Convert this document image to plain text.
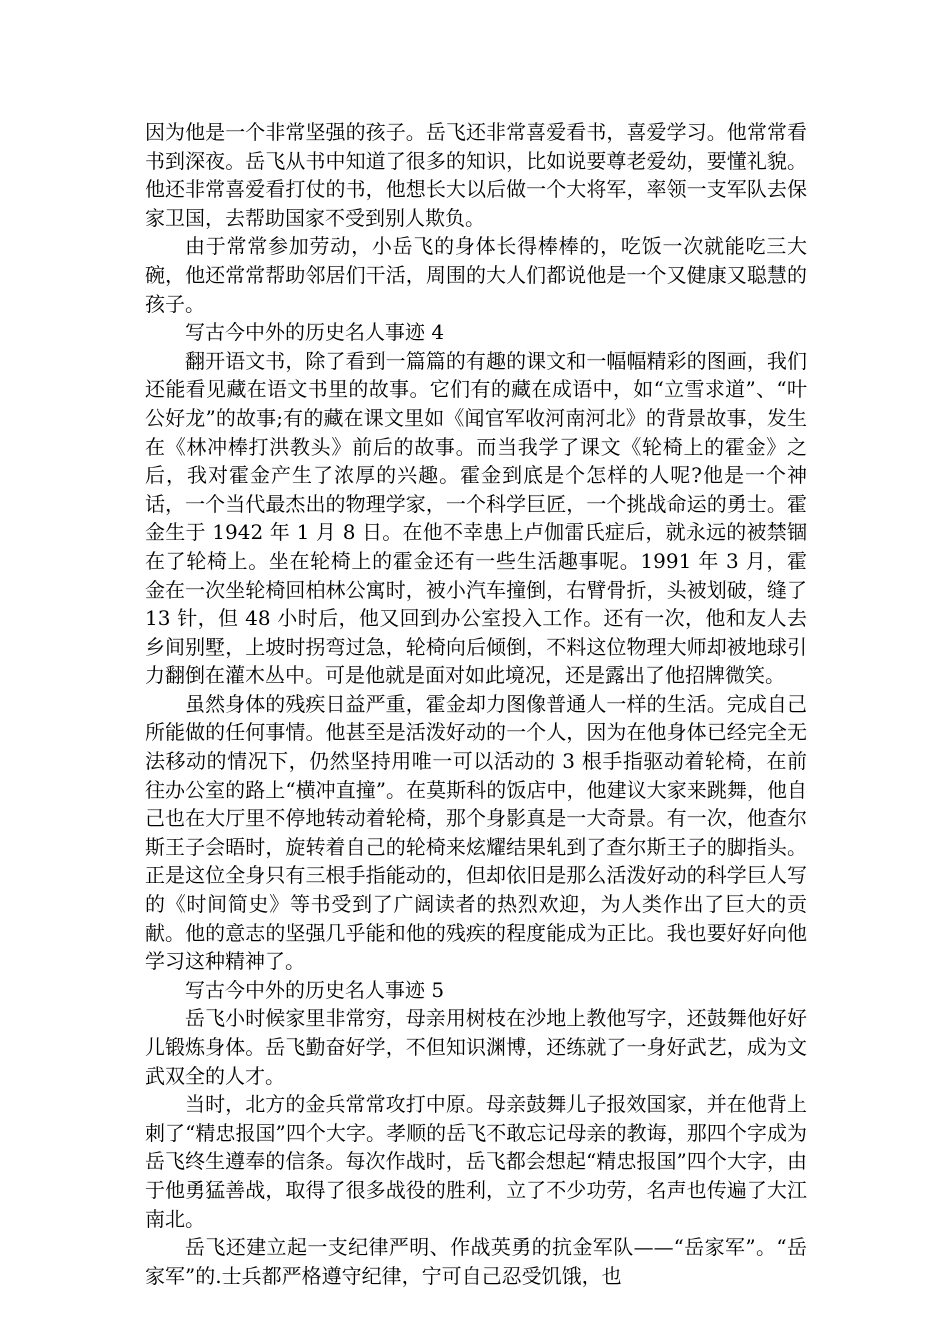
因为他是一个非常坚强的孩子。岳飞还非常喜爱看书，喜爱学习。他常常看书到深夜。岳飞从书中知道了很多的知识，比如说要尊老爱幼，要懂礼貌。他还非常喜爱看打仗的书，他想长大以后做一个大将军，率领一支军队去保家卫国，去帮助国家不受到别人欺负。

由于常常参加劳动，小岳飞的身体长得棒棒的，吃饭一次就能吃三大碗，他还常常帮助邻居们干活，周围的大人们都说他是一个又健康又聪慧的孩子。

写古今中外的历史名人事迹 4

翻开语文书，除了看到一篇篇的有趣的课文和一幅幅精彩的图画，我们还能看见藏在语文书里的故事。它们有的藏在成语中，如“立雪求道”、“叶公好龙”的故事;有的藏在课文里如《闻官军收河南河北》的背景故事，发生在《林冲棒打洪教头》前后的故事。而当我学了课文《轮椅上的霍金》之后，我对霍金产生了浓厚的兴趣。霍金到底是个怎样的人呢?他是一个神话，一个当代最杰出的物理学家，一个科学巨匠，一个挑战命运的勇士。霍金生于 1942 年 1 月 8 日。在他不幸患上卢伽雷氏症后，就永远的被禁锢在了轮椅上。坐在轮椅上的霍金还有一些生活趣事呢。1991 年 3 月，霍金在一次坐轮椅回柏林公寓时，被小汽车撞倒，右臂骨折，头被划破，缝了 13 针，但 48 小时后，他又回到办公室投入工作。还有一次，他和友人去乡间别墅，上坡时拐弯过急，轮椅向后倾倒，不料这位物理大师却被地球引力翻倒在灌木丛中。可是他就是面对如此境况，还是露出了他招牌微笑。

虽然身体的残疾日益严重，霍金却力图像普通人一样的生活。完成自己所能做的任何事情。他甚至是活泼好动的一个人，因为在他身体已经完全无法移动的情况下，仍然坚持用唯一可以活动的 3 根手指驱动着轮椅，在前往办公室的路上“横冲直撞”。在莫斯科的饭店中，他建议大家来跳舞，他自己也在大厅里不停地转动着轮椅，那个身影真是一大奇景。有一次，他查尔斯王子会晤时，旋转着自己的轮椅来炫耀结果轧到了查尔斯王子的脚指头。正是这位全身只有三根手指能动的，但却依旧是那么活泼好动的科学巨人写的《时间简史》等书受到了广阔读者的热烈欢迎，为人类作出了巨大的贡献。他的意志的坚强几乎能和他的残疾的程度能成为正比。我也要好好向他学习这种精神了。

写古今中外的历史名人事迹 5

岳飞小时候家里非常穷，母亲用树枝在沙地上教他写字，还鼓舞他好好儿锻炼身体。岳飞勤奋好学，不但知识渊博，还练就了一身好武艺，成为文武双全的人才。

当时，北方的金兵常常攻打中原。母亲鼓舞儿子报效国家，并在他背上刺了“精忠报国”四个大字。孝顺的岳飞不敢忘记母亲的教诲，那四个字成为岳飞终生遵奉的信条。每次作战时，岳飞都会想起“精忠报国”四个大字，由于他勇猛善战，取得了很多战役的胜利，立了不少功劳，名声也传遍了大江南北。

岳飞还建立起一支纪律严明、作战英勇的抗金军队——“岳家军”。“岳家军”的.士兵都严格遵守纪律，宁可自己忍受饥饿，也
